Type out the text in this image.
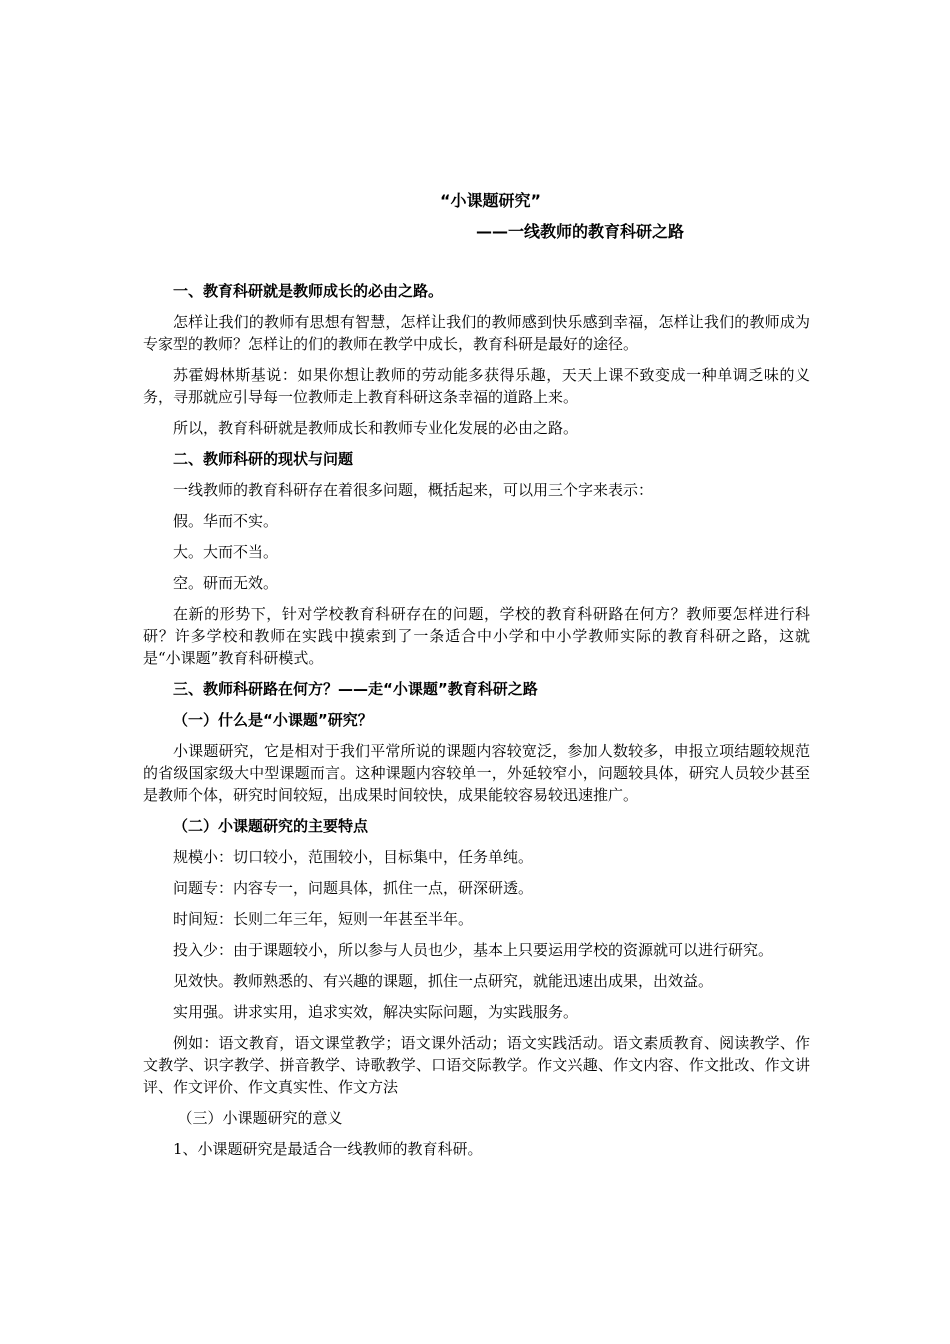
“小课题研究”
——一线教师的教育科研之路

一、教育科研就是教师成长的必由之路。

怎样让我们的教师有思想有智慧，怎样让我们的教师感到快乐感到幸福，怎样让我们的教师成为专家型的教师？怎样让的们的教师在教学中成长，教育科研是最好的途径。

苏霍姆林斯基说：如果你想让教师的劳动能多获得乐趣，天天上课不致变成一种单调乏味的义务，寻那就应引导每一位教师走上教育科研这条幸福的道路上来。

所以，教育科研就是教师成长和教师专业化发展的必由之路。

二、教师科研的现状与问题

一线教师的教育科研存在着很多问题，概括起来，可以用三个字来表示：

假。华而不实。

大。大而不当。

空。研而无效。

在新的形势下，针对学校教育科研存在的问题，学校的教育科研路在何方？教师要怎样进行科研？许多学校和教师在实践中摸索到了一条适合中小学和中小学教师实际的教育科研之路，这就是“小课题”教育科研模式。

三、教师科研路在何方？——走“小课题”教育科研之路

（一）什么是“小课题”研究？

小课题研究，它是相对于我们平常所说的课题内容较宽泛，参加人数较多，申报立项结题较规范的省级国家级大中型课题而言。这种课题内容较单一，外延较窄小，问题较具体，研究人员较少甚至是教师个体，研究时间较短，出成果时间较快，成果能较容易较迅速推广。

（二）小课题研究的主要特点

规模小：切口较小，范围较小，目标集中，任务单纯。

问题专：内容专一，问题具体，抓住一点，研深研透。

时间短：长则二年三年，短则一年甚至半年。

投入少：由于课题较小，所以参与人员也少，基本上只要运用学校的资源就可以进行研究。

见效快。教师熟悉的、有兴趣的课题，抓住一点研究，就能迅速出成果，出效益。

实用强。讲求实用，追求实效，解决实际问题，为实践服务。

例如：语文教育，语文课堂教学；语文课外活动；语文实践活动。语文素质教育、阅读教学、作文教学、识字教学、拼音教学、诗歌教学、口语交际教学。作文兴趣、作文内容、作文批改、作文讲评、作文评价、作文真实性、作文方法

（三）小课题研究的意义

1、小课题研究是最适合一线教师的教育科研。
